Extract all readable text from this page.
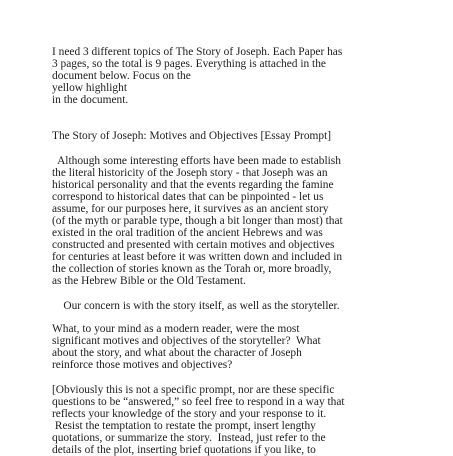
I need 3 different topics of The Story of Joseph. Each Paper has
3 pages, so the total is 9 pages. Everything is attached in the
document below. Focus on the
yellow highlight
in the document.
The Story of Joseph: Motives and Objectives [Essay Prompt]
Although some interesting efforts have been made to establish
the literal historicity of the Joseph story - that Joseph was an
historical personality and that the events regarding the famine
correspond to historical dates that can be pinpointed - let us
assume, for our purposes here, it survives as an ancient story
(of the myth or parable type, though a bit longer than most) that
existed in the oral tradition of the ancient Hebrews and was
constructed and presented with certain motives and objectives
for centuries at least before it was written down and included in
the collection of stories known as the Torah or, more broadly,
as the Hebrew Bible or the Old Testament.
Our concern is with the story itself, as well as the storyteller.
What, to your mind as a modern reader, were the most
significant motives and objectives of the storyteller?  What
about the story, and what about the character of Joseph
reinforce those motives and objectives?
[Obviously this is not a specific prompt, nor are these specific
questions to be “answered,” so feel free to respond in a way that
reflects your knowledge of the story and your response to it.
Resist the temptation to restate the prompt, insert lengthy
quotations, or summarize the story.  Instead, just refer to the
details of the plot, inserting brief quotations if you like, to
